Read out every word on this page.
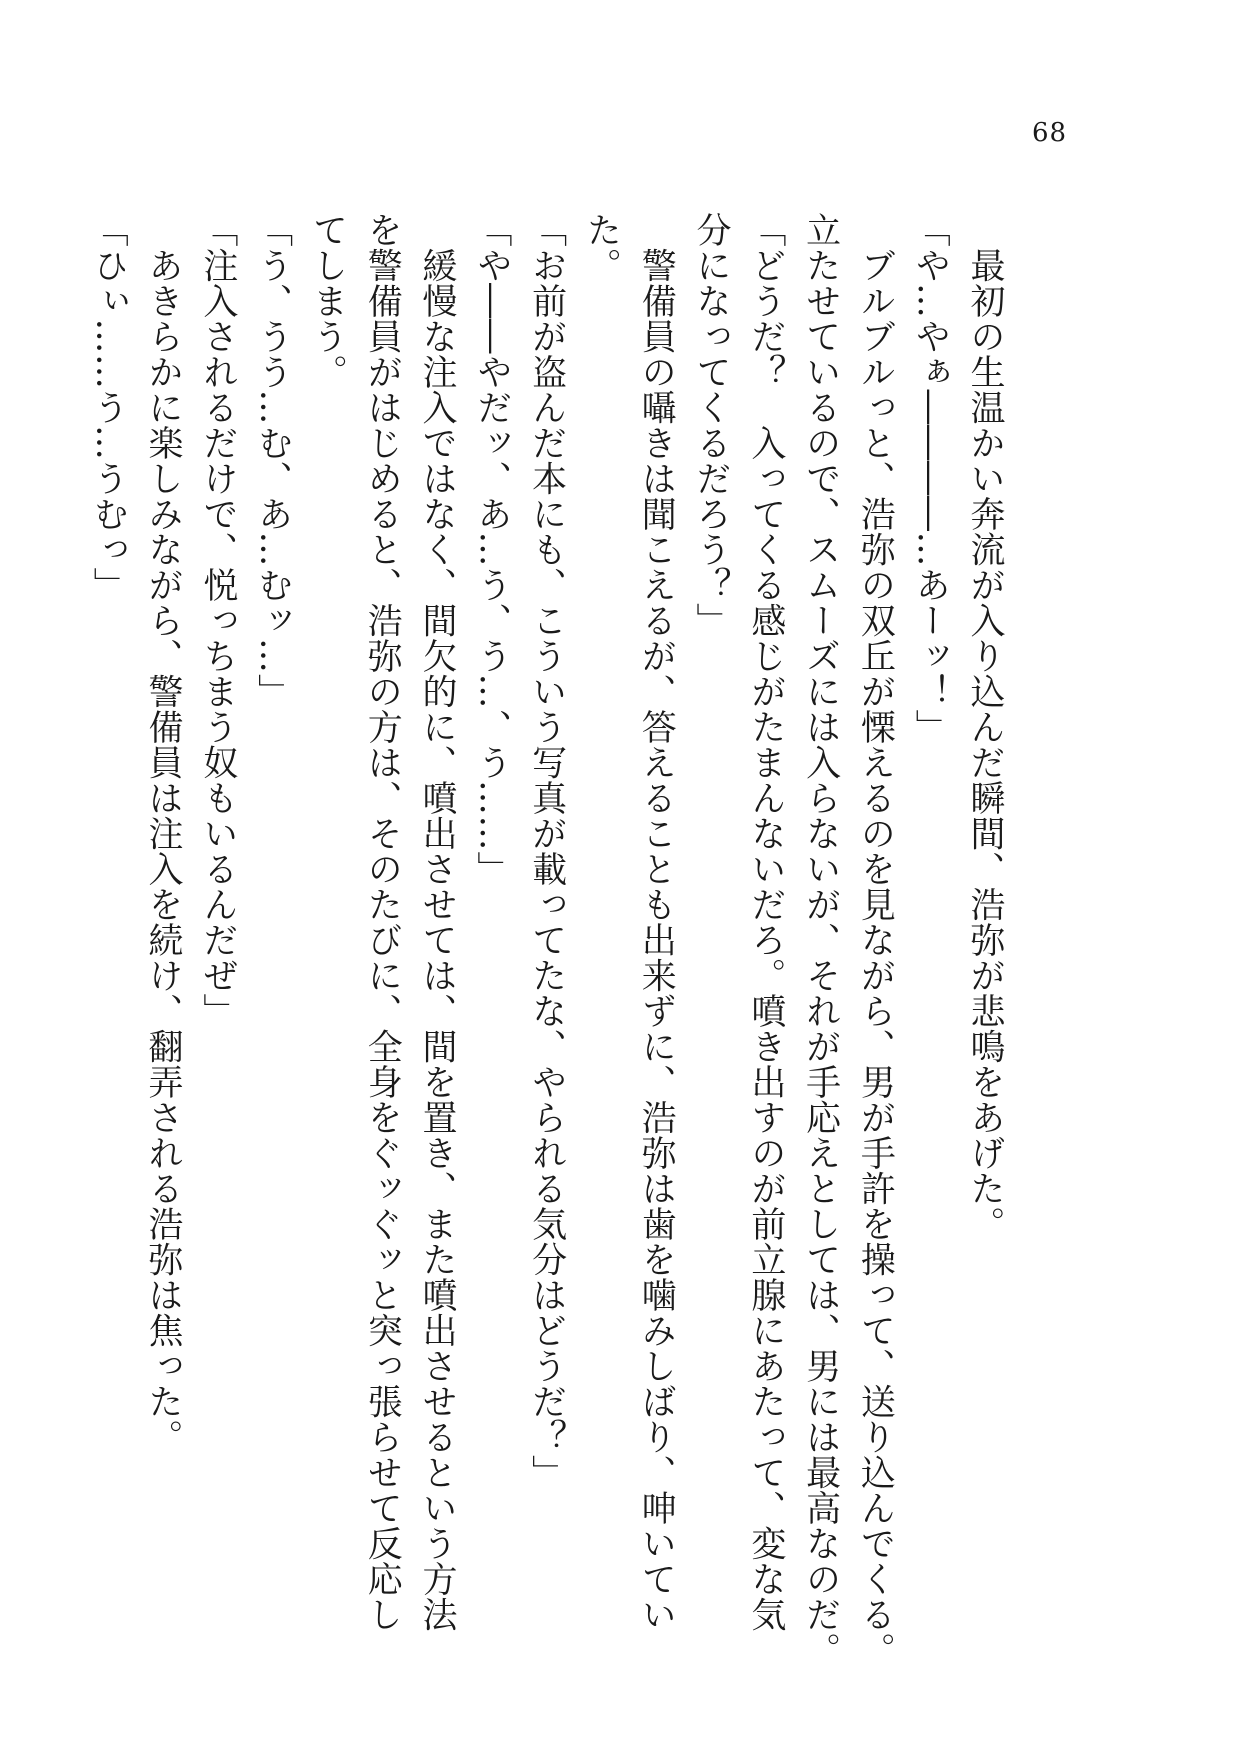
68

　最初の生温かい奔流が入り込んだ瞬間、浩弥が悲鳴をあげた。

「や…やぁ――――…あーッ！」

　ブルブルっと、浩弥の双丘が慄えるのを見ながら、男が手許を操って、送り込んでくる。

立たせているので、スムーズには入らないが、それが手応えとしては、男には最高なのだ。

「どうだ？　入ってくる感じがたまんないだろ。噴き出すのが前立腺にあたって、変な気

分になってくるだろう？」

　警備員の囁きは聞こえるが、答えることも出来ずに、浩弥は歯を噛みしばり、呻いてい

た。

「お前が盗んだ本にも、こういう写真が載ってたな、やられる気分はどうだ？」

「や――やだッ、あ…う、う…、う……」

　緩慢な注入ではなく、間欠的に、噴出させては、間を置き、また噴出させるという方法

を警備員がはじめると、浩弥の方は、そのたびに、全身をぐッぐッと突っ張らせて反応し

てしまう。

「う、うう…む、あ…むッ…」

「注入されるだけで、悦っちまう奴もいるんだぜ」

　あきらかに楽しみながら、警備員は注入を続け、翻弄される浩弥は焦った。

「ひぃ……う…うむっ」
